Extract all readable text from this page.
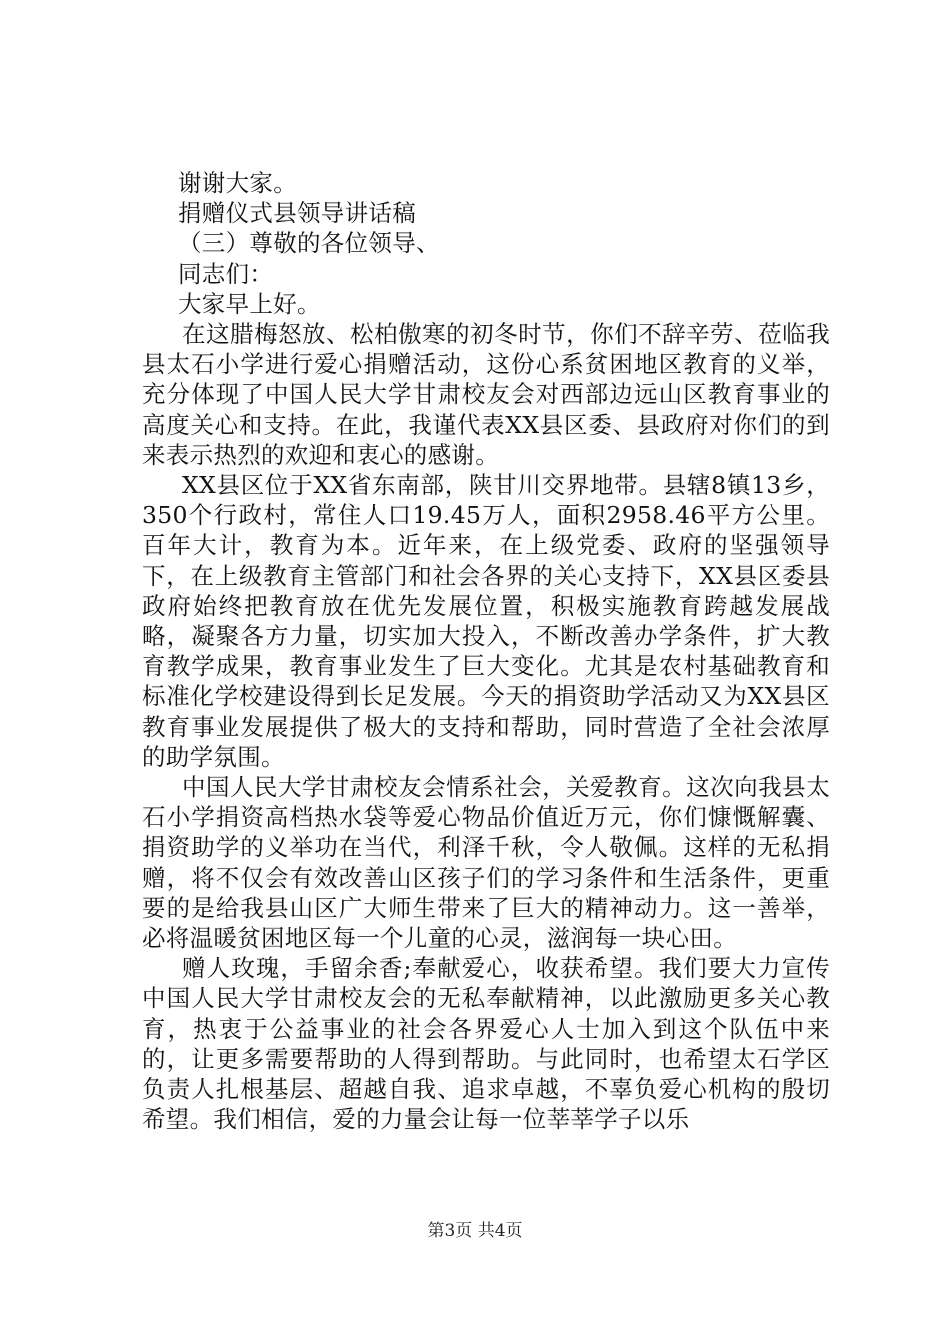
谢谢大家。

捐赠仪式县领导讲话稿

（三）尊敬的各位领导、

同志们：

大家早上好。

在这腊梅怒放、松柏傲寒的初冬时节，你们不辞辛劳、莅临我县太石小学进行爱心捐赠活动，这份心系贫困地区教育的义举，充分体现了中国人民大学甘肃校友会对西部边远山区教育事业的高度关心和支持。在此，我谨代表XX县区委、县政府对你们的到来表示热烈的欢迎和衷心的感谢。

XX县区位于XX省东南部，陕甘川交界地带。县辖8镇13乡，350个行政村，常住人口19.45万人，面积2958.46平方公里。百年大计，教育为本。近年来，在上级党委、政府的坚强领导下，在上级教育主管部门和社会各界的关心支持下，XX县区委县政府始终把教育放在优先发展位置，积极实施教育跨越发展战略，凝聚各方力量，切实加大投入，不断改善办学条件，扩大教育教学成果，教育事业发生了巨大变化。尤其是农村基础教育和标准化学校建设得到长足发展。今天的捐资助学活动又为XX县区教育事业发展提供了极大的支持和帮助，同时营造了全社会浓厚的助学氛围。

中国人民大学甘肃校友会情系社会，关爱教育。这次向我县太石小学捐资高档热水袋等爱心物品价值近万元，你们慷慨解囊、捐资助学的义举功在当代，利泽千秋，令人敬佩。这样的无私捐赠，将不仅会有效改善山区孩子们的学习条件和生活条件，更重要的是给我县山区广大师生带来了巨大的精神动力。这一善举，必将温暖贫困地区每一个儿童的心灵，滋润每一块心田。

赠人玫瑰，手留余香;奉献爱心，收获希望。我们要大力宣传中国人民大学甘肃校友会的无私奉献精神，以此激励更多关心教育，热衷于公益事业的社会各界爱心人士加入到这个队伍中来的，让更多需要帮助的人得到帮助。与此同时，也希望太石学区负责人扎根基层、超越自我、追求卓越，不辜负爱心机构的殷切希望。我们相信，爱的力量会让每一位莘莘学子以乐

第3页 共4页
